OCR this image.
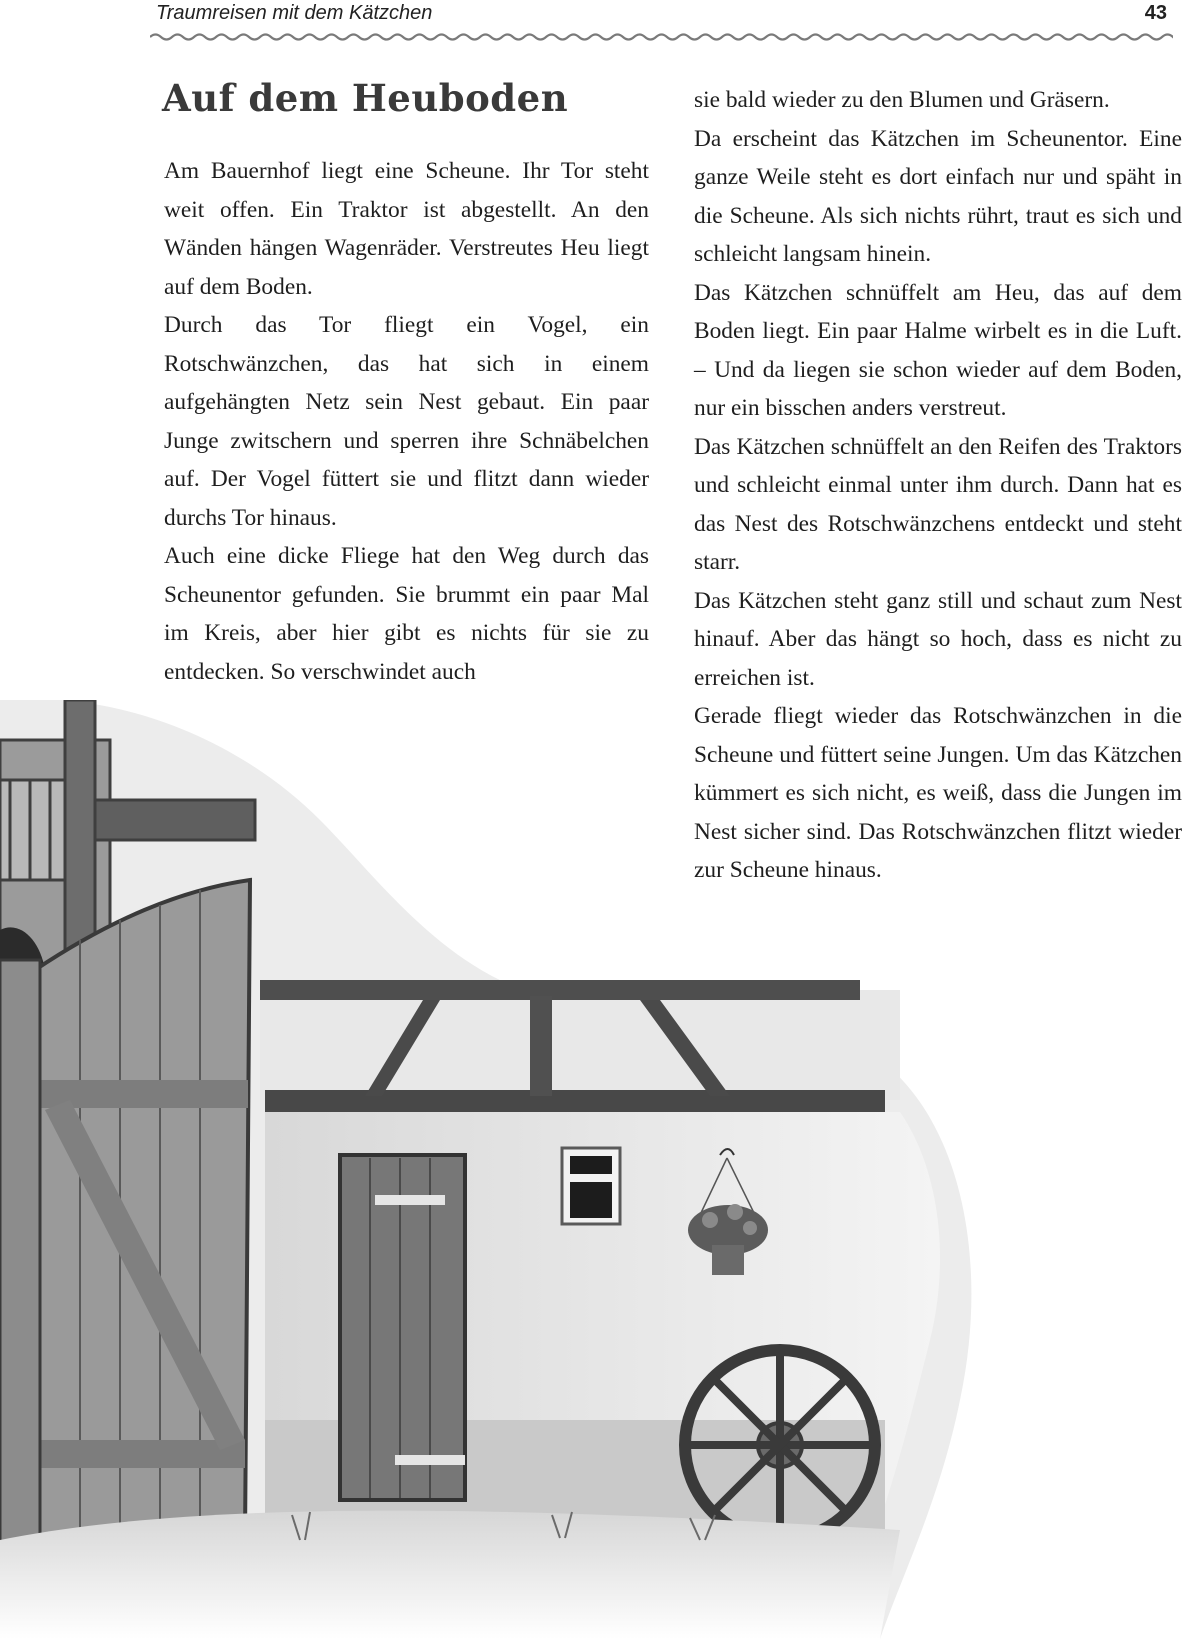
Traumreisen mit dem Kätzchen	43
Auf dem Heuboden

Am Bauernhof liegt eine Scheune. Ihr Tor steht weit offen. Ein Traktor ist abgestellt. An den Wänden hängen Wagenräder. Verstreutes Heu liegt auf dem Boden.

Durch das Tor fliegt ein Vogel, ein Rotschwänzchen, das hat sich in einem aufgehängten Netz sein Nest gebaut. Ein paar Junge zwitschern und sperren ihre Schnäbelchen auf. Der Vogel füttert sie und flitzt dann wieder durchs Tor hinaus.

Auch eine dicke Fliege hat den Weg durch das Scheunentor gefunden. Sie brummt ein paar Mal im Kreis, aber hier gibt es nichts für sie zu entdecken. So verschwindet auch

sie bald wieder zu den Blumen und Gräsern.

Da erscheint das Kätzchen im Scheunentor. Eine ganze Weile steht es dort einfach nur und späht in die Scheune. Als sich nichts rührt, traut es sich und schleicht langsam hinein.

Das Kätzchen schnüffelt am Heu, das auf dem Boden liegt. Ein paar Halme wirbelt es in die Luft. – Und da liegen sie schon wieder auf dem Boden, nur ein bisschen anders verstreut.

Das Kätzchen schnüffelt an den Reifen des Traktors und schleicht einmal unter ihm durch. Dann hat es das Nest des Rotschwänzchens entdeckt und steht starr.

Das Kätzchen steht ganz still und schaut zum Nest hinauf. Aber das hängt so hoch, dass es nicht zu erreichen ist.

Gerade fliegt wieder das Rotschwänzchen in die Scheune und füttert seine Jungen. Um das Kätzchen kümmert es sich nicht, es weiß, dass die Jungen im Nest sicher sind. Das Rotschwänzchen flitzt wieder zur Scheune hinaus.
